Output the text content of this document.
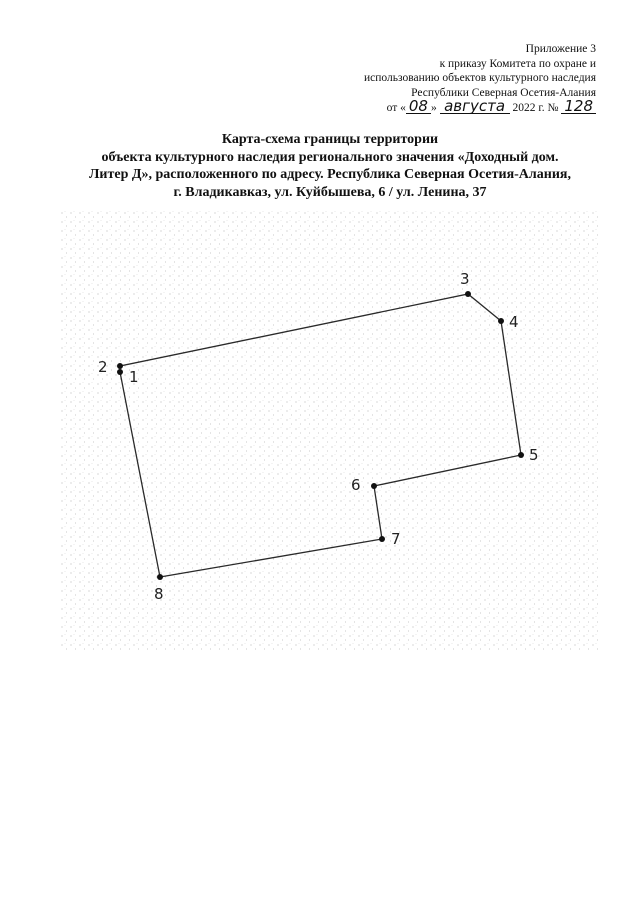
Приложение 3
к приказу Комитета по охране и
использованию объектов культурного наследия
Республики Северная Осетия-Алания
от « 08 » августа 2022 г. № 128
Карта-схема границы территории
объекта культурного наследия регионального значения «Доходный дом.
Литер Д», расположенного по адресу. Республика Северная Осетия-Алания,
г. Владикавказ, ул. Куйбышева, 6 / ул. Ленина, 37
1
2
3
4
5
6
7
8
